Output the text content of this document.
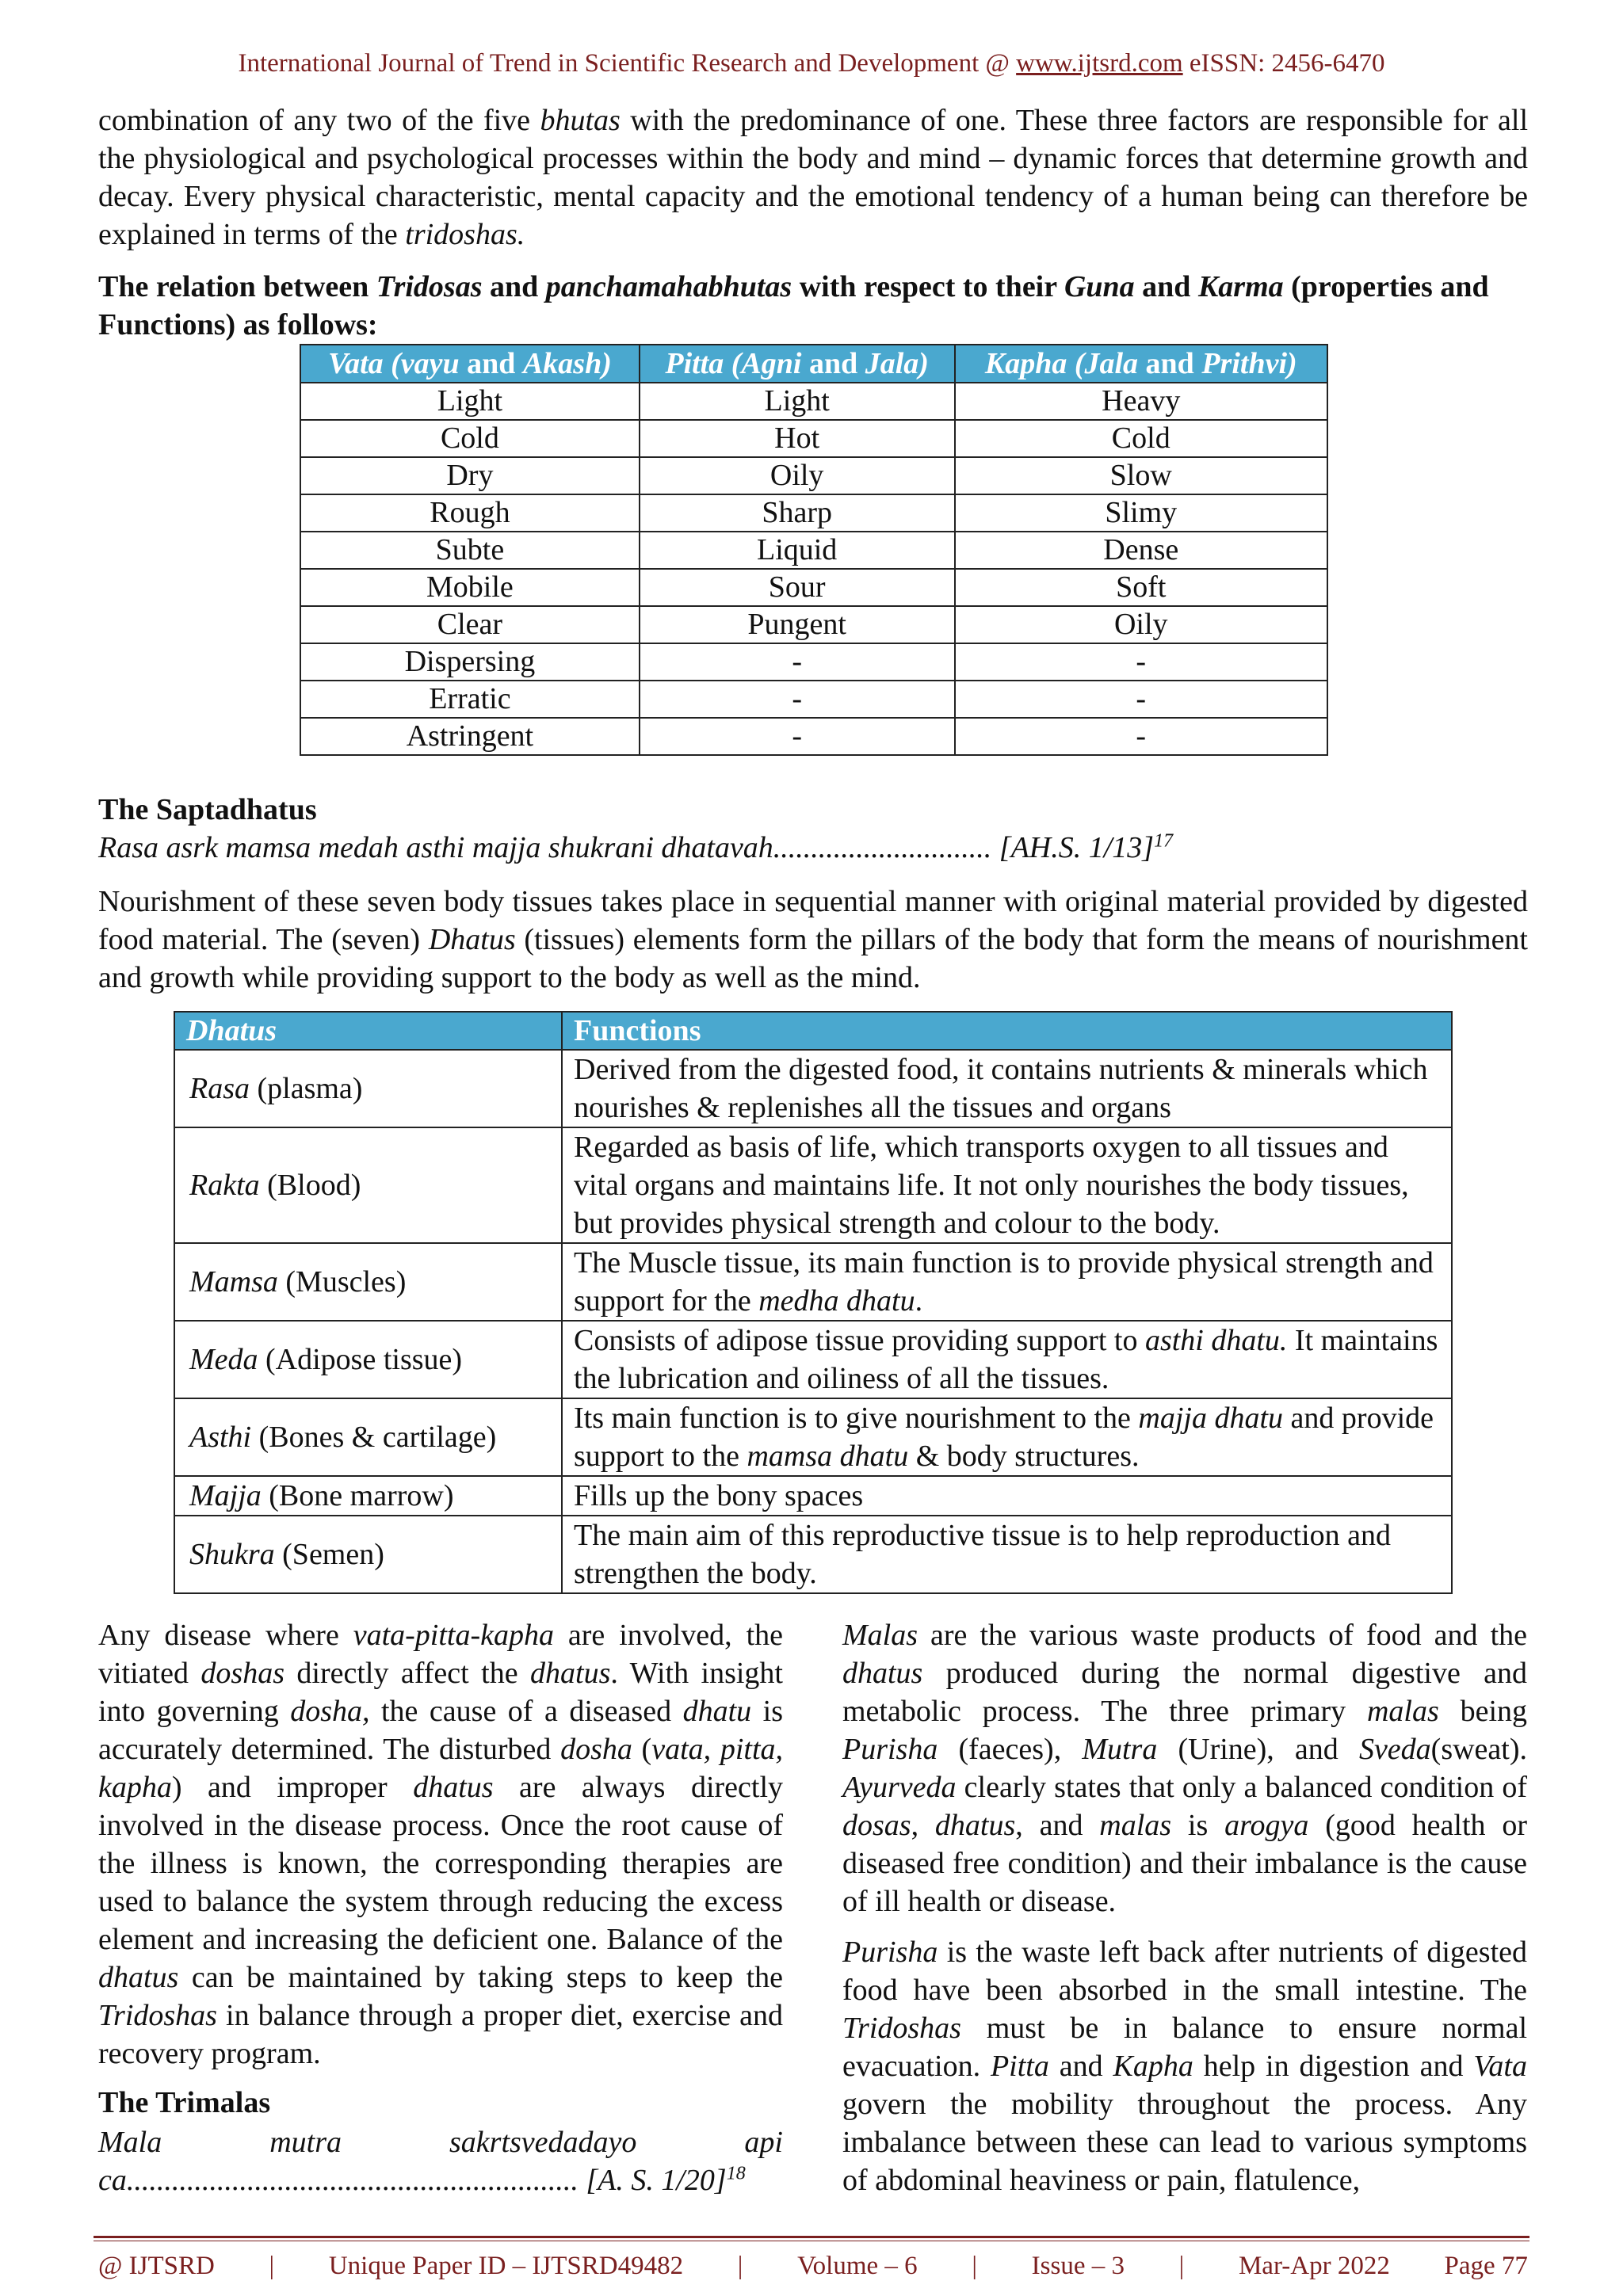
International Journal of Trend in Scientific Research and Development @ www.ijtsrd.com eISSN: 2456-6470
combination of any two of the five bhutas with the predominance of one. These three factors are responsible for all the physiological and psychological processes within the body and mind – dynamic forces that determine growth and decay. Every physical characteristic, mental capacity and the emotional tendency of a human being can therefore be explained in terms of the tridoshas.
The relation between Tridosas and panchamahabhutas with respect to their Guna and Karma (properties and Functions) as follows:
Vata (vayu and Akash)	Pitta (Agni and Jala)	Kapha (Jala and Prithvi)
Light	Light	Heavy
Cold	Hot	Cold
Dry	Oily	Slow
Rough	Sharp	Slimy
Subte	Liquid	Dense
Mobile	Sour	Soft
Clear	Pungent	Oily
Dispersing	-	-
Erratic	-	-
Astringent	-	-
The Saptadhatus
Rasa asrk mamsa medah asthi majja shukrani dhatavah............................. [AH.S. 1/13]$^{17}$
Nourishment of these seven body tissues takes place in sequential manner with original material provided by digested food material. The (seven) Dhatus (tissues) elements form the pillars of the body that form the means of nourishment and growth while providing support to the body as well as the mind.
Dhatus	Functions
Rasa (plasma)	Derived from the digested food, it contains nutrients & minerals which nourishes & replenishes all the tissues and organs
Rakta (Blood)	Regarded as basis of life, which transports oxygen to all tissues and vital organs and maintains life. It not only nourishes the body tissues, but provides physical strength and colour to the body.
Mamsa (Muscles)	The Muscle tissue, its main function is to provide physical strength and support for the medha dhatu.
Meda (Adipose tissue)	Consists of adipose tissue providing support to asthi dhatu. It maintains the lubrication and oiliness of all the tissues.
Asthi (Bones & cartilage)	Its main function is to give nourishment to the majja dhatu and provide support to the mamsa dhatu & body structures.
Majja (Bone marrow)	Fills up the bony spaces
Shukra (Semen)	The main aim of this reproductive tissue is to help reproduction and strengthen the body.
Any disease where vata-pitta-kapha are involved, the vitiated doshas directly affect the dhatus. With insight into governing dosha, the cause of a diseased dhatu is accurately determined. The disturbed dosha (vata, pitta, kapha) and improper dhatus are always directly involved in the disease process. Once the root cause of the illness is known, the corresponding therapies are used to balance the system through reducing the excess element and increasing the deficient one. Balance of the dhatus can be maintained by taking steps to keep the Tridoshas in balance through a proper diet, exercise and recovery program.
The Trimalas
Mala	mutra	sakrtsvedadayo	api
ca............................................................ [A. S. 1/20]$^{18}$
Malas are the various waste products of food and the dhatus produced during the normal digestive and metabolic process. The three primary malas being Purisha (faeces), Mutra (Urine), and Sveda(sweat). Ayurveda clearly states that only a balanced condition of dosas, dhatus, and malas is arogya (good health or diseased free condition) and their imbalance is the cause of ill health or disease.
Purisha is the waste left back after nutrients of digested food have been absorbed in the small intestine. The Tridoshas must be in balance to ensure normal evacuation. Pitta and Kapha help in digestion and Vata govern the mobility throughout the process. Any imbalance between these can lead to various symptoms of abdominal heaviness or pain, flatulence,
@ IJTSRD | Unique Paper ID – IJTSRD49482 | Volume – 6 | Issue – 3 | Mar-Apr 2022 Page 77
